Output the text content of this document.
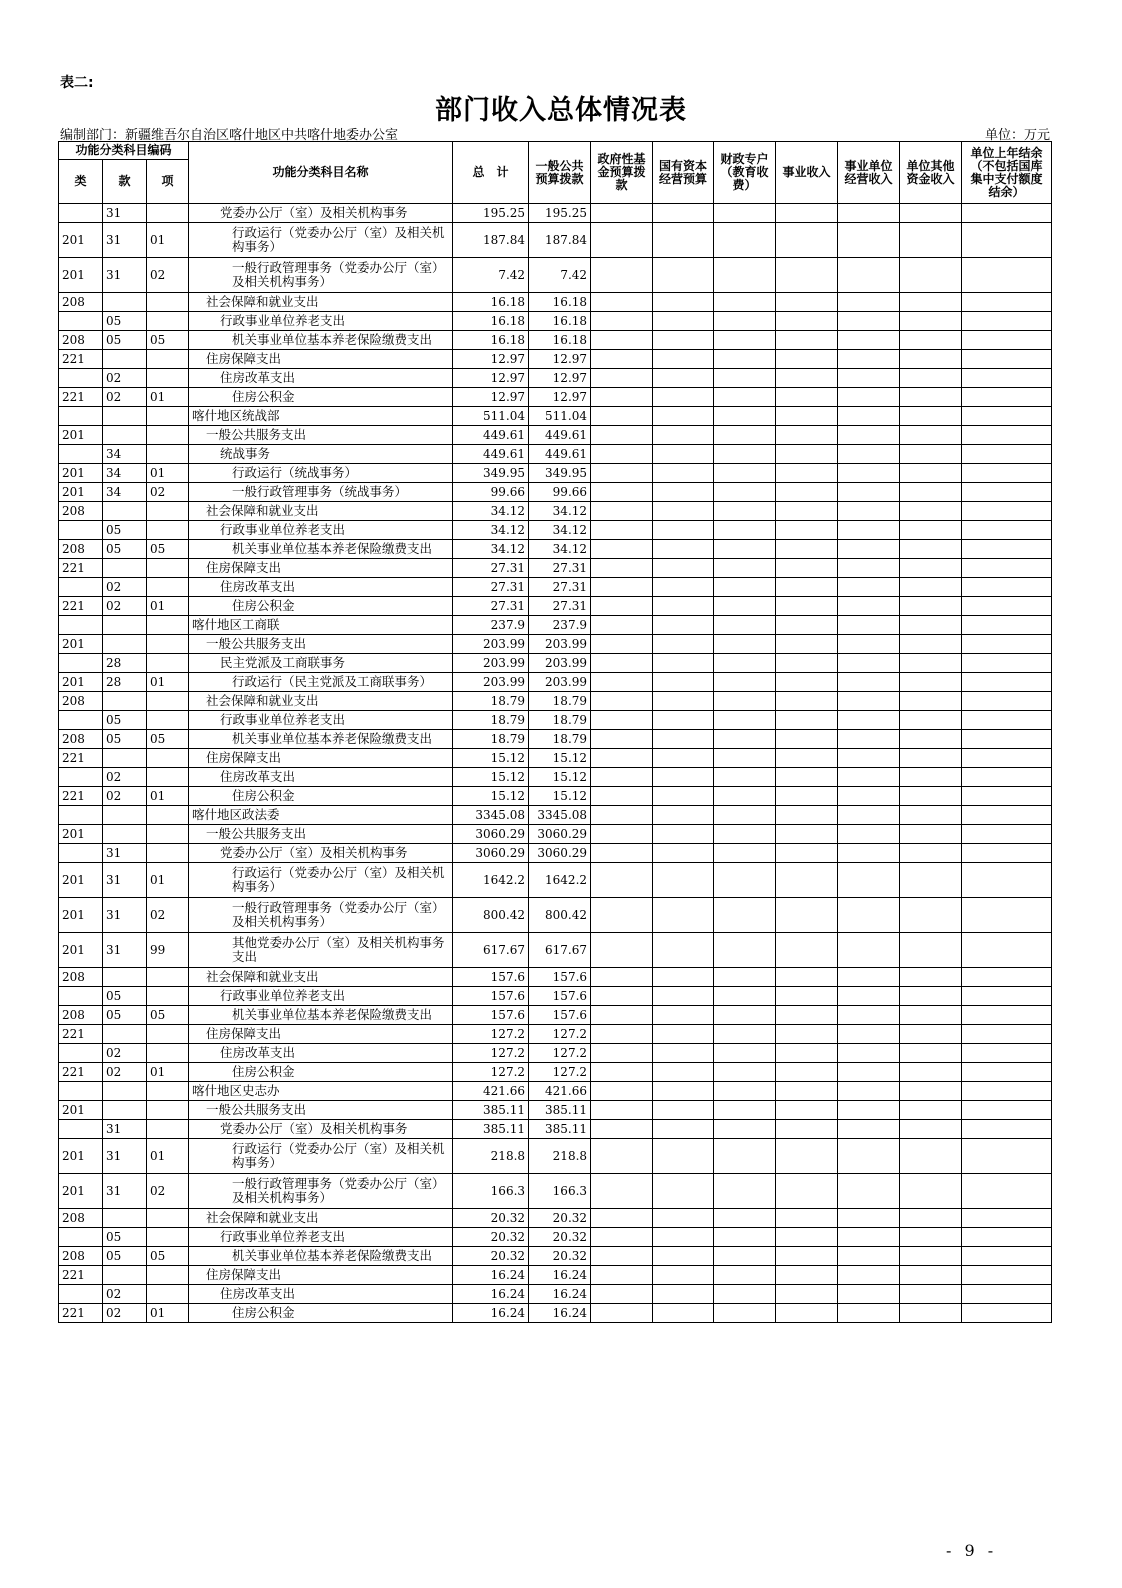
表二:
部门收入总体情况表
编制部门：新疆维吾尔自治区喀什地区中共喀什地委办公室	单位：万元
功能分类科目编码			功能分类科目名称	总　计	一般公共预算拨款	政府性基金预算拨款	国有资本经营预算	财政专户（教育收费）	事业收入	事业单位经营收入	单位其他资金收入	单位上年结余（不包括国库集中支付额度结余）
类	款	项										
	31		党委办公厅（室）及相关机构事务	195.25	195.25							
201	31	01	行政运行（党委办公厅（室）及相关机构事务）	187.84	187.84							
201	31	02	一般行政管理事务（党委办公厅（室）及相关机构事务）	7.42	7.42							
208			社会保障和就业支出	16.18	16.18							
	05		行政事业单位养老支出	16.18	16.18							
208	05	05	机关事业单位基本养老保险缴费支出	16.18	16.18							
221			住房保障支出	12.97	12.97							
	02		住房改革支出	12.97	12.97							
221	02	01	住房公积金	12.97	12.97							
			喀什地区统战部	511.04	511.04							
201			一般公共服务支出	449.61	449.61							
	34		统战事务	449.61	449.61							
201	34	01	行政运行（统战事务）	349.95	349.95							
201	34	02	一般行政管理事务（统战事务）	99.66	99.66							
208			社会保障和就业支出	34.12	34.12							
	05		行政事业单位养老支出	34.12	34.12							
208	05	05	机关事业单位基本养老保险缴费支出	34.12	34.12							
221			住房保障支出	27.31	27.31							
	02		住房改革支出	27.31	27.31							
221	02	01	住房公积金	27.31	27.31							
			喀什地区工商联	237.9	237.9							
201			一般公共服务支出	203.99	203.99							
	28		民主党派及工商联事务	203.99	203.99							
201	28	01	行政运行（民主党派及工商联事务）	203.99	203.99							
208			社会保障和就业支出	18.79	18.79							
	05		行政事业单位养老支出	18.79	18.79							
208	05	05	机关事业单位基本养老保险缴费支出	18.79	18.79							
221			住房保障支出	15.12	15.12							
	02		住房改革支出	15.12	15.12							
221	02	01	住房公积金	15.12	15.12							
			喀什地区政法委	3345.08	3345.08							
201			一般公共服务支出	3060.29	3060.29							
	31		党委办公厅（室）及相关机构事务	3060.29	3060.29							
201	31	01	行政运行（党委办公厅（室）及相关机构事务）	1642.2	1642.2							
201	31	02	一般行政管理事务（党委办公厅（室）及相关机构事务）	800.42	800.42							
201	31	99	其他党委办公厅（室）及相关机构事务支出	617.67	617.67							
208			社会保障和就业支出	157.6	157.6							
	05		行政事业单位养老支出	157.6	157.6							
208	05	05	机关事业单位基本养老保险缴费支出	157.6	157.6							
221			住房保障支出	127.2	127.2							
	02		住房改革支出	127.2	127.2							
221	02	01	住房公积金	127.2	127.2							
			喀什地区史志办	421.66	421.66							
201			一般公共服务支出	385.11	385.11							
	31		党委办公厅（室）及相关机构事务	385.11	385.11							
201	31	01	行政运行（党委办公厅（室）及相关机构事务）	218.8	218.8							
201	31	02	一般行政管理事务（党委办公厅（室）及相关机构事务）	166.3	166.3							
208			社会保障和就业支出	20.32	20.32							
	05		行政事业单位养老支出	20.32	20.32							
208	05	05	机关事业单位基本养老保险缴费支出	20.32	20.32							
221			住房保障支出	16.24	16.24							
	02		住房改革支出	16.24	16.24							
221	02	01	住房公积金	16.24	16.24							
- 9 -
